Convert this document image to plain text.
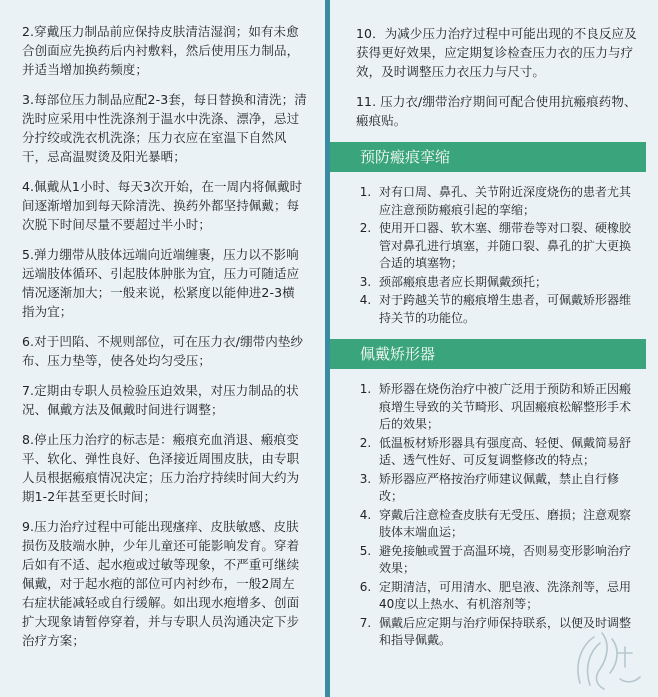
2.穿戴压力制品前应保持皮肤清洁湿润；如有未愈合创面应先换药后内衬敷料，然后使用压力制品，并适当增加换药频度；

3.每部位压力制品应配2-3套，每日替换和清洗；清洗时应采用中性洗涤剂于温水中洗涤、漂净，忌过分拧绞或洗衣机洗涤；压力衣应在室温下自然风干，忌高温熨烫及阳光暴晒；

4.佩戴从1小时、每天3次开始，在一周内将佩戴时间逐渐增加到每天除清洗、换药外都坚持佩戴；每次脱下时间尽量不要超过半小时；

5.弹力绷带从肢体远端向近端缠裹，压力以不影响远端肢体循环、引起肢体肿胀为宜，压力可随适应情况逐渐加大；一般来说，松紧度以能伸进2-3横指为宜；

6.对于凹陷、不规则部位，可在压力衣/绷带内垫纱布、压力垫等，使各处均匀受压；

7.定期由专职人员检验压迫效果，对压力制品的状况、佩戴方法及佩戴时间进行调整；

8.停止压力治疗的标志是：瘢痕充血消退、瘢痕变平、软化、弹性良好、色泽接近周围皮肤，由专职人员根据瘢痕情况决定；压力治疗持续时间大约为期1-2年甚至更长时间；

9.压力治疗过程中可能出现瘙痒、皮肤敏感、皮肤损伤及肢端水肿，少年儿童还可能影响发育。穿着后如有不适、起水疱或过敏等现象，不严重可继续佩戴，对于起水疱的部位可内衬纱布，一般2周左右症状能减轻或自行缓解。如出现水疱增多、创面扩大现象请暂停穿着，并与专职人员沟通决定下步治疗方案；

10．为减少压力治疗过程中可能出现的不良反应及获得更好效果，应定期复诊检查压力衣的压力与疗效，及时调整压力衣压力与尺寸。

11. 压力衣/绷带治疗期间可配合使用抗瘢痕药物、瘢痕贴。

预防瘢痕挛缩
1. 对有口周、鼻孔、关节附近深度烧伤的患者尤其应注意预防瘢痕引起的挛缩；
2. 使用开口器、软木塞、绷带卷等对口裂、硬橡胶管对鼻孔进行填塞，并随口裂、鼻孔的扩大更换合适的填塞物；
3. 颈部瘢痕患者应长期佩戴颈托；
4. 对于跨越关节的瘢痕增生患者，可佩戴矫形器维持关节的功能位。
佩戴矫形器
1. 矫形器在烧伤治疗中被广泛用于预防和矫正因瘢痕增生导致的关节畸形、巩固瘢痕松解整形手术后的效果；
2. 低温板材矫形器具有强度高、轻便、佩戴简易舒适、透气性好、可反复调整修改的特点；
3. 矫形器应严格按治疗师建议佩戴，禁止自行修改；
4. 穿戴后注意检查皮肤有无受压、磨损；注意观察肢体末端血运；
5. 避免接触或置于高温环境，否则易变形影响治疗效果；
6. 定期清洁，可用清水、肥皂液、洗涤剂等，忌用40度以上热水、有机溶剂等；
7. 佩戴后应定期与治疗师保持联系，以便及时调整和指导佩戴。
